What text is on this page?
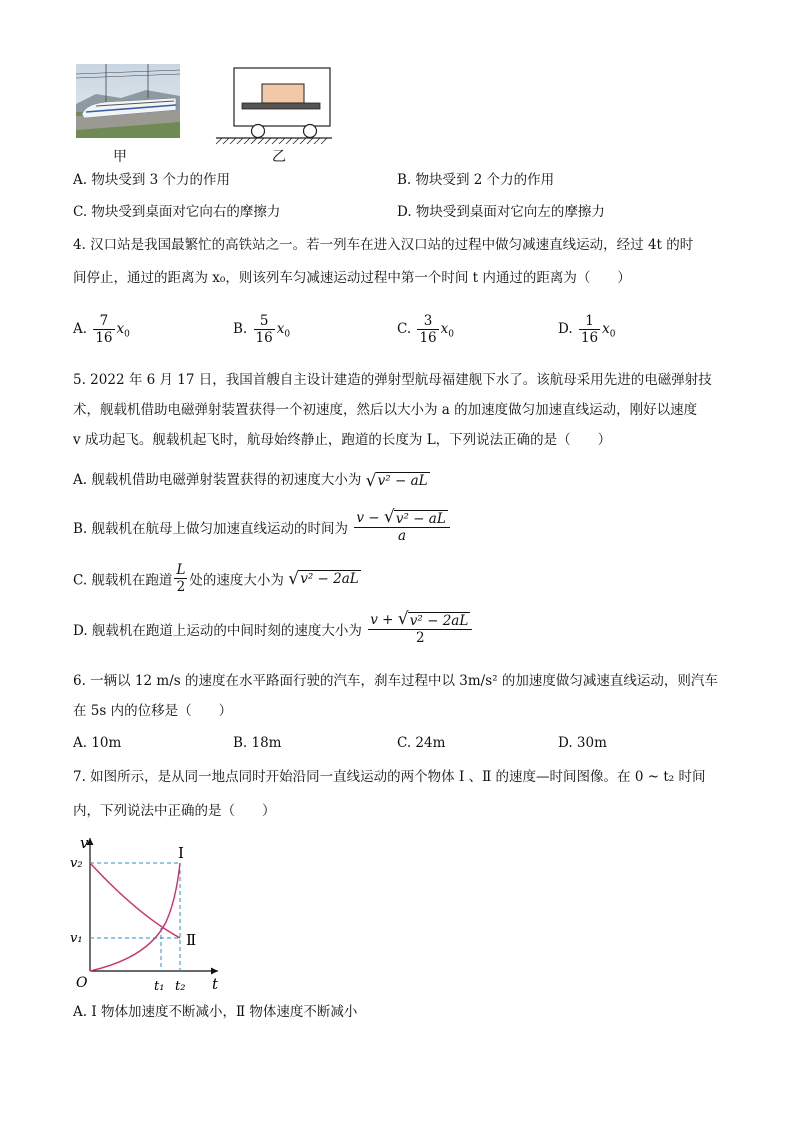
甲	乙
A. 物块受到 3 个力的作用	B. 物块受到 2 个力的作用
C. 物块受到桌面对它向右的摩擦力	D. 物块受到桌面对它向左的摩擦力
4. 汉口站是我国最繁忙的高铁站之一。若一列车在进入汉口站的过程中做匀减速直线运动，经过 4t 的时
间停止，通过的距离为 x₀，则该列车匀减速运动过程中第一个时间 t 内通过的距离为（　　）
A. $\frac{7}{16} x_0$	B. $\frac{5}{16} x_0$	C. $\frac{3}{16} x_0$	D. $\frac{1}{16} x_0$
5. 2022 年 6 月 17 日，我国首艘自主设计建造的弹射型航母福建舰下水了。该航母采用先进的电磁弹射技
术，舰载机借助电磁弹射装置获得一个初速度，然后以大小为 a 的加速度做匀加速直线运动，刚好以速度
v 成功起飞。舰载机起飞时，航母始终静止，跑道的长度为 L，下列说法正确的是（　　）
A. 舰载机借助电磁弹射装置获得的初速度大小为 √ v² − aL
B. 舰载机在航母上做匀加速直线运动的时间为 $\frac{\text{v − √ v² − aL}}{a}$
C. 舰载机在跑道 $\frac{L}{2}$ 处的速度大小为 √ v² − 2aL
D. 舰载机在跑道上运动的中间时刻的速度大小为 $\frac{\text{v + √ v² − 2aL}}{2}$
6. 一辆以 12 m/s 的速度在水平路面行驶的汽车，刹车过程中以 3m/s² 的加速度做匀减速直线运动，则汽车
在 5s 内的位移是（　　）
A. 10m	B. 18m	C. 24m	D. 30m
7. 如图所示，是从同一地点同时开始沿同一直线运动的两个物体 Ⅰ 、Ⅱ 的速度—时间图像。在 0 ~ t₂ 时间
内，下列说法中正确的是（　　）
v
t
O
v₂
v₁
t₁ t₂
Ⅰ
Ⅱ
A. Ⅰ 物体加速度不断减小，Ⅱ 物体速度不断减小
